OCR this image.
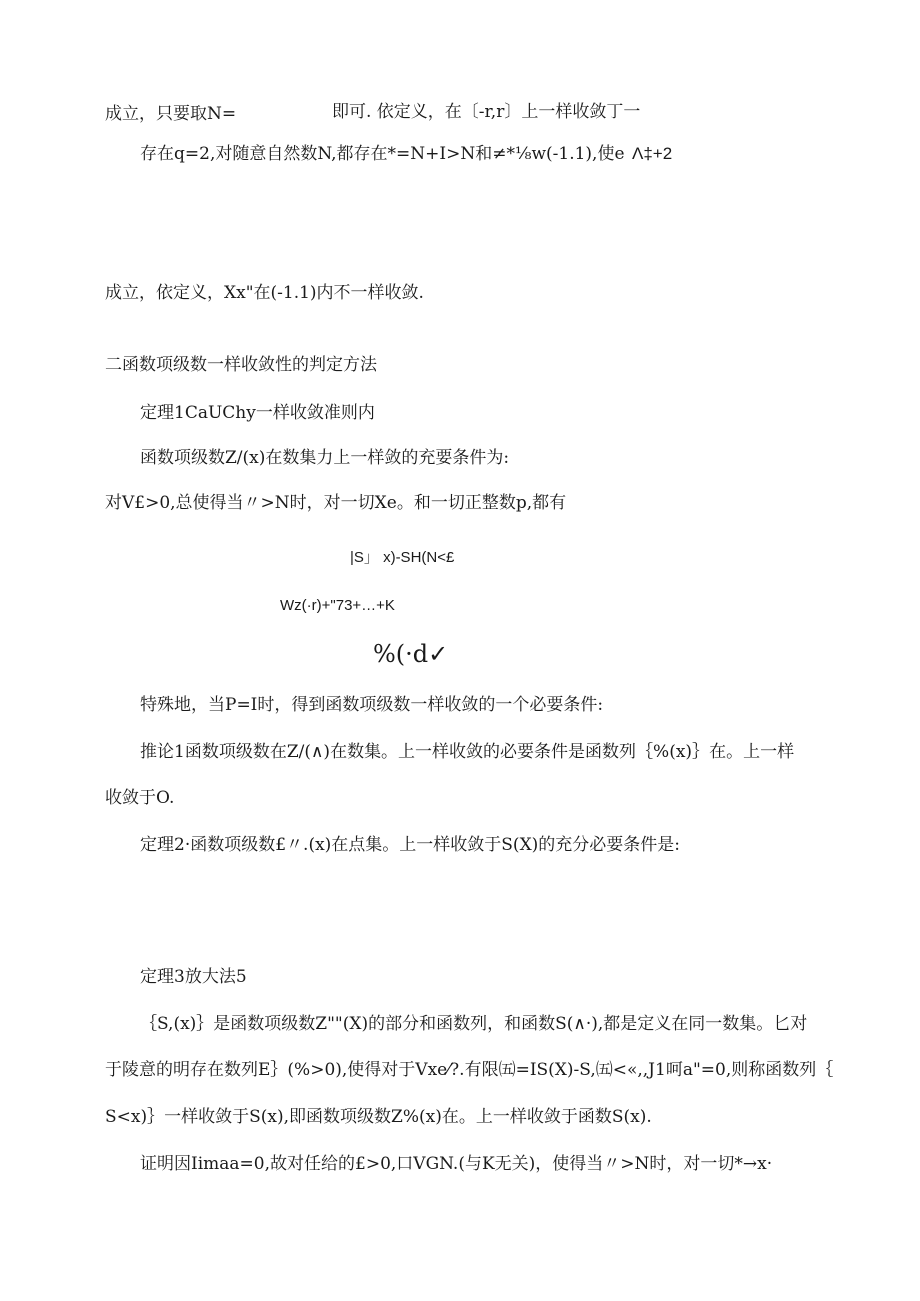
成立，只要取N=	即可. 依定义，在〔-r,r〕上一样收敛丁一
存在q=2,对随意自然数N,都存在*=N+I>N和≠*⅛w(-1.1),使e Λ‡+2
成立，依定义，Xx"在(-1.1)内不一样收敛.
二函数项级数一样收敛性的判定方法
定理1CaUChy一样收敛准则内
函数项级数Z/(x)在数集力上一样敛的充要条件为:
对V£>0,总使得当〃>N时，对一切Xe。和一切正整数p,都有
|S」 x)-SH(N<£
Wz(·r)+"73+…+K
%(·d✓
特殊地，当P=I时，得到函数项级数一样收敛的一个必要条件:
推论1函数项级数在Z/(∧)在数集。上一样收敛的必要条件是函数列｛%(x)｝在。上一样
收敛于O.
定理2·函数项级数£〃.(x)在点集。上一样收敛于S(X)的充分必要条件是:
定理3放大法5
｛S,(x)｝是函数项级数Z""(X)的部分和函数列，和函数S(∧·),都是定义在同一数集。匕对
于陵意的明存在数列E｝(%>0),使得对于Vxe⁄?.有限㈤=IS(X)-S,㈤<«,,J1呵a"=0,则称函数列｛
S<x)｝一样收敛于S(x),即函数项级数Z%(x)在。上一样收敛于函数S(x).
证明因Iimaa=0,故对任给的£>0,口VGN.(与K无关)，使得当〃>N时，对一切*→x·
